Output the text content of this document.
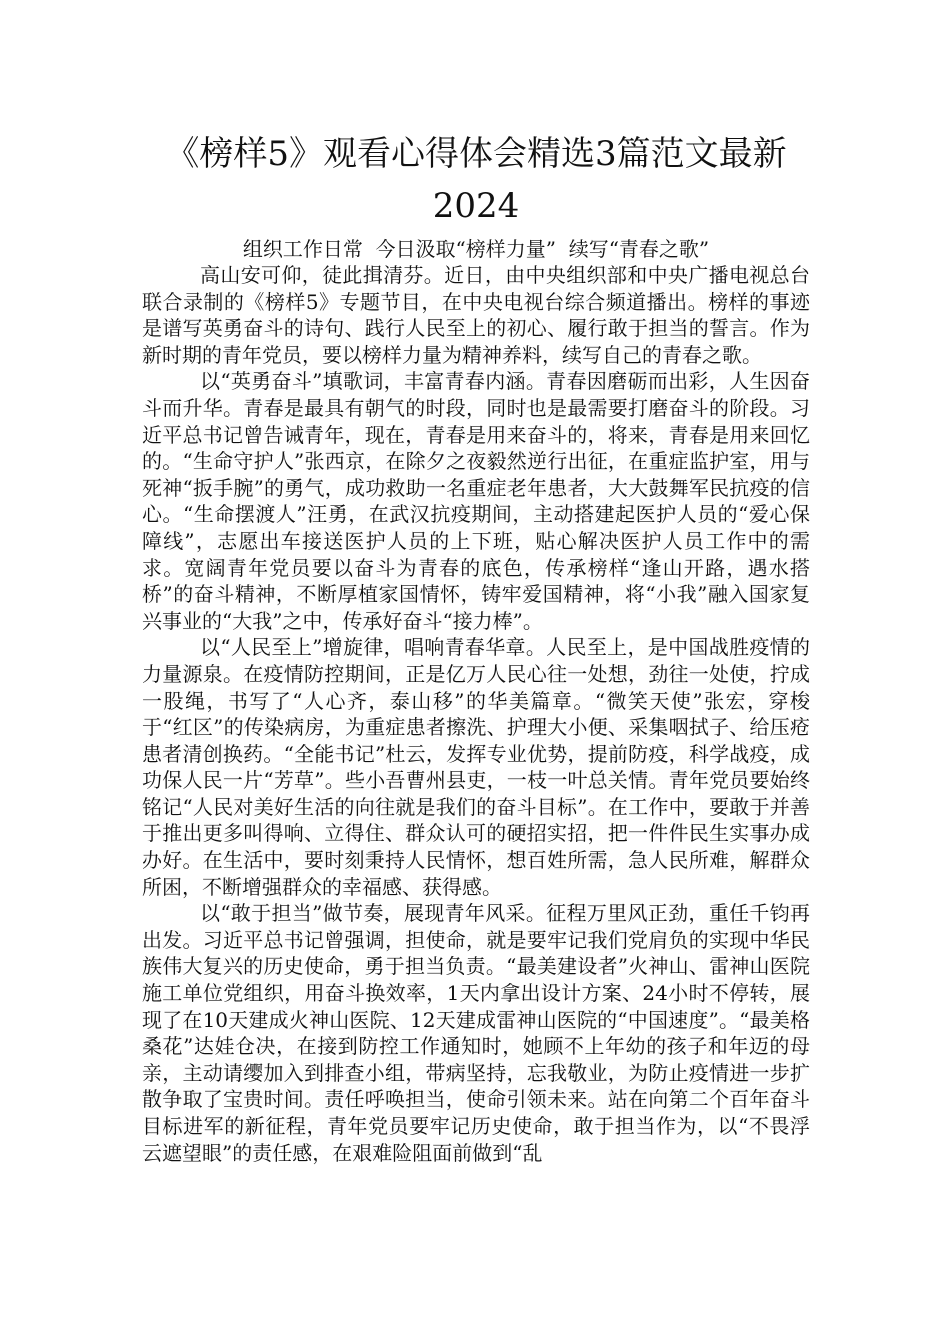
《榜样5》观看心得体会精选3篇范文最新2024

组织工作日常  今日汲取“榜样力量”  续写“青春之歌”

高山安可仰，徒此揖清芬。近日，由中央组织部和中央广播电视总台联合录制的《榜样5》专题节目，在中央电视台综合频道播出。榜样的事迹是谱写英勇奋斗的诗句、践行人民至上的初心、履行敢于担当的誓言。作为新时期的青年党员，要以榜样力量为精神养料，续写自己的青春之歌。

以“英勇奋斗”填歌词，丰富青春内涵。青春因磨砺而出彩，人生因奋斗而升华。青春是最具有朝气的时段，同时也是最需要打磨奋斗的阶段。习近平总书记曾告诫青年，现在，青春是用来奋斗的，将来，青春是用来回忆的。“生命守护人”张西京，在除夕之夜毅然逆行出征，在重症监护室，用与死神“扳手腕”的勇气，成功救助一名重症老年患者，大大鼓舞军民抗疫的信心。“生命摆渡人”汪勇，在武汉抗疫期间，主动搭建起医护人员的“爱心保障线”，志愿出车接送医护人员的上下班，贴心解决医护人员工作中的需求。宽阔青年党员要以奋斗为青春的底色，传承榜样“逢山开路，遇水搭桥”的奋斗精神，不断厚植家国情怀，铸牢爱国精神，将“小我”融入国家复兴事业的“大我”之中，传承好奋斗“接力棒”。

以“人民至上”增旋律，唱响青春华章。人民至上，是中国战胜疫情的力量源泉。在疫情防控期间，正是亿万人民心往一处想，劲往一处使，拧成一股绳，书写了“人心齐，泰山移”的华美篇章。“微笑天使”张宏，穿梭于“红区”的传染病房，为重症患者擦洗、护理大小便、采集咽拭子、给压疮患者清创换药。“全能书记”杜云，发挥专业优势，提前防疫，科学战疫，成功保人民一片“芳草”。些小吾曹州县吏，一枝一叶总关情。青年党员要始终铭记“人民对美好生活的向往就是我们的奋斗目标”。在工作中，要敢于并善于推出更多叫得响、立得住、群众认可的硬招实招，把一件件民生实事办成办好。在生活中，要时刻秉持人民情怀，想百姓所需，急人民所难，解群众所困，不断增强群众的幸福感、获得感。

以“敢于担当”做节奏，展现青年风采。征程万里风正劲，重任千钧再出发。习近平总书记曾强调，担使命，就是要牢记我们党肩负的实现中华民族伟大复兴的历史使命，勇于担当负责。“最美建设者”火神山、雷神山医院施工单位党组织，用奋斗换效率，1天内拿出设计方案、24小时不停转，展现了在10天建成火神山医院、12天建成雷神山医院的“中国速度”。“最美格桑花”达娃仓决，在接到防控工作通知时，她顾不上年幼的孩子和年迈的母亲，主动请缨加入到排查小组，带病坚持，忘我敬业，为防止疫情进一步扩散争取了宝贵时间。责任呼唤担当，使命引领未来。站在向第二个百年奋斗目标进军的新征程，青年党员要牢记历史使命，敢于担当作为，以“不畏浮云遮望眼”的责任感，在艰难险阻面前做到“乱
